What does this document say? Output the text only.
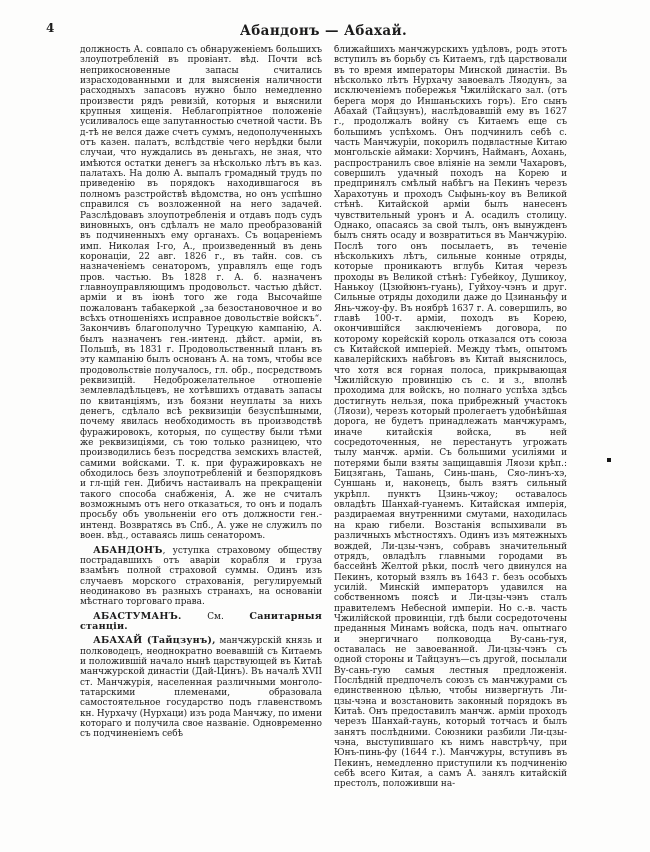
4	Абандонъ — Абахай.

должность А. совпало съ обнаруженіемъ большихъ злоупотребленій въ провіант. вѣд. Почти всѣ неприкосновенные запасы считались израсходованными и для выясненія наличности расходныхъ запасовъ нужно было немедленно произвести рядъ ревизій, которыя и выяснили крупныя хищенія. Неблагопріятное положеніе усиливалось еще запутанностью счетной части. Въ д-тѣ не велся даже счетъ суммъ, недополученныхъ отъ казен. палатъ, вслѣдствіе чего нерѣдки были случаи, что нуждались въ деньгахъ, не зная, что имѣются остатки денегъ за нѣсколько лѣтъ въ каз. палатахъ. На долю А. выпалъ громадный трудъ по приведенію въ порядокъ находившагося въ полномъ разстройствѣ вѣдомства, но онъ успѣшно справился съ возложенной на него задачей. Разслѣдовавъ злоупотребленія и отдавъ подъ судъ виновныхъ, онъ сдѣлалъ не мало преобразованій въ подчиненныхъ ему органахъ. Съ воцареніемъ имп. Николая I-го, А., произведенный въ день коронаціи, 22 авг. 1826 г., въ тайн. сов. съ назначеніемъ сенаторомъ, управлялъ еще годъ пров. частью. Въ 1828 г. А. б. назначенъ главноуправляющимъ продовольст. частью дѣйст. арміи и въ іюнѣ того же года Высочайше пожалованъ табакеркой „за безостановочное и во всѣхъ отношеніяхъ исправное довольствіе войскъ“. Закончивъ благополучно Турецкую кампанію, А. былъ назначенъ ген.-интенд. дѣйст. арміи, въ Польшѣ, въ 1831 г. Продовольственный планъ въ эту кампанію былъ основанъ А. на томъ, чтобы все продовольствіе получалось, гл. обр., посредствомъ реквизицій. Недоброжелательное отношеніе землевладѣльцевъ, не хотѣвшихъ отдавать запасы по квитанціямъ, изъ боязни неуплаты за нихъ денегъ, сдѣлало всѣ реквизиціи безуспѣшными, почему явилась необходимость въ производствѣ фуражировокъ, которыя, по существу были тѣми же реквизиціями, съ тою только разницею, что производились безъ посредства земскихъ властей, самими войсками. Т. к. при фуражировкахъ не обходилось безъ злоупотребленій и безпорядковъ и гл-щій ген. Дибичъ настаивалъ на прекращеніи такого способа снабженія, А. же не считалъ возможнымъ отъ него отказаться, то онъ и подалъ просьбу объ увольненіи его отъ должности ген.-интенд. Возвратясь въ Спб., А. уже не служилъ по воен. вѣд., оставаясь лишь сенаторомъ.

АБАНДОНЪ, уступка страховому обществу пострадавшихъ отъ аваріи корабля и груза взамѣнъ полной страховой суммы. Одинъ изъ случаевъ морского страхованія, регулируемый неодинаково въ разныхъ странахъ, на основаніи мѣстнаго торговаго права.

АБАСТУМАНЪ. См. Санитарныя станціи.

АБАХАЙ (Тайцзунъ), манчжурскій князь и полководецъ, неоднократно воевавшій съ Китаемъ и положившій начало нынѣ царствующей въ Китаѣ манчжурской династіи (Дай-Цинъ). Въ началѣ XVII ст. Манчжурія, населенная различными монголо-татарскими племенами, образовала самостоятельное государство подъ главенствомъ кн. Нурхачу (Нурхаци) изъ рода Манчжу, по имени котораго и получила свое названіе. Одновременно съ подчиненіемъ себѣ

ближайшихъ манчжурскихъ удѣловъ, родъ этотъ вступилъ въ борьбу съ Китаемъ, гдѣ царствовали въ то время императоры Минской династіи. Въ нѣсколько лѣтъ Нурхачу завоевалъ Ляодунъ, за исключеніемъ побережья Чжилійскаго зал. (отъ берега моря до Иншаньскихъ горъ). Его сынъ Абахай (Тайцзунъ), наслѣдовавшій ему въ 1627 г., продолжалъ войну съ Китаемъ еще съ большимъ успѣхомъ. Онъ подчинилъ себѣ с. часть Манчжуріи, покорилъ подвластные Китаю монгольскіе аймаки: Хорчинъ, Найманъ, Аохань, распространилъ свое вліяніе на земли Чахаровъ, совершилъ удачный походъ на Корею и предпринялъ смѣлый набѣгъ на Пекинъ черезъ Харахотунь и проходъ Сыфынь-коу въ Великой стѣнѣ. Китайской арміи былъ нанесенъ чувствительный уронъ и А. осадилъ столицу. Однако, опасаясь за свой тылъ, онъ вынужденъ былъ снять осаду и возвратиться въ Манчжурію. Послѣ того онъ посылаетъ, въ теченіе нѣсколькихъ лѣтъ, сильные конные отряды, которые проникаютъ вглубь Китая черезъ проходы въ Великой стѣнѣ: Губейкоу, Душикоу, Нанькоу (Цзюйюнъ-гуань), Гуйхоу-чэнъ и друг. Сильные отряды доходили даже до Цзинаньфу и Янь-чжоу-фу. Въ ноябрѣ 1637 г. А. совершилъ, во главѣ 100-т. арміи, походъ въ Корею, окончившійся заключеніемъ договора, по которому корейскій король отказался отъ союза съ Китайской имперіей. Между тѣмъ, опытомъ кавалерійскихъ набѣговъ въ Китай выяснилось, что хотя вся горная полоса, прикрывающая Чжилійскую провинцію съ с. и з., вполнѣ проходима для войскъ, но полнаго успѣха здѣсь достигнуть нельзя, пока прибрежный участокъ (Ляози), черезъ который пролегаетъ удобнѣйшая дорога, не будетъ принадлежать манчжурамъ, иначе китайскія войска, въ ней сосредоточенныя, не перестанутъ угрожать тылу манчж. арміи. Съ большими усиліями и потерями были взяты защищавшія Ляози крѣп.: Бицзягань, Ташань, Синь-шань, Сяо-линъ-хэ, Суншань и, наконецъ, былъ взятъ сильный укрѣпл. пунктъ Цзинь-чжоу; оставалось овладѣть Шанхай-гуанемъ. Китайская имперія, раздираемая внутренними смутами, находилась на краю гибели. Возстанія вспыхивали въ различныхъ мѣстностяхъ. Одинъ изъ мятежныхъ вождей, Ли-цзы-чэнъ, собравъ значительный отрядъ, овладѣлъ главными городами въ бассейнѣ Желтой рѣки, послѣ чего двинулся на Пекинъ, который взялъ въ 1643 г. безъ особыхъ усилій. Минскій императоръ удавился на собственномъ поясѣ и Ли-цзы-чэнъ сталъ правителемъ Небесной имперіи. Но с.-в. часть Чжилійской провинціи, гдѣ были сосредоточены преданныя Минамъ войска, подъ нач. опытнаго и энергичнаго полководца Ву-сань-гуя, оставалась не завоеванной. Ли-цзы-чэнъ съ одной стороны и Тайцзунъ—съ другой, посылали Ву-сань-гую самыя лестныя предложенія. Послѣдній предпочелъ союзъ съ манчжурами съ единственною цѣлью, чтобы низвергнуть Ли-цзы-чэна и возстановить законный порядокъ въ Китаѣ. Онъ предоставилъ манчж. арміи проходъ черезъ Шанхай-гаунь, который тотчасъ и былъ занятъ послѣдними. Союзники разбили Ли-цзы-чэна, выступившаго къ нимъ навстрѣчу, при Юнъ-пинь-фу (1644 г.). Манчжуры, вступивъ въ Пекинъ, немедленно приступили къ подчиненію себѣ всего Китая, а самъ А. занялъ китайскій престолъ, положивши на-
